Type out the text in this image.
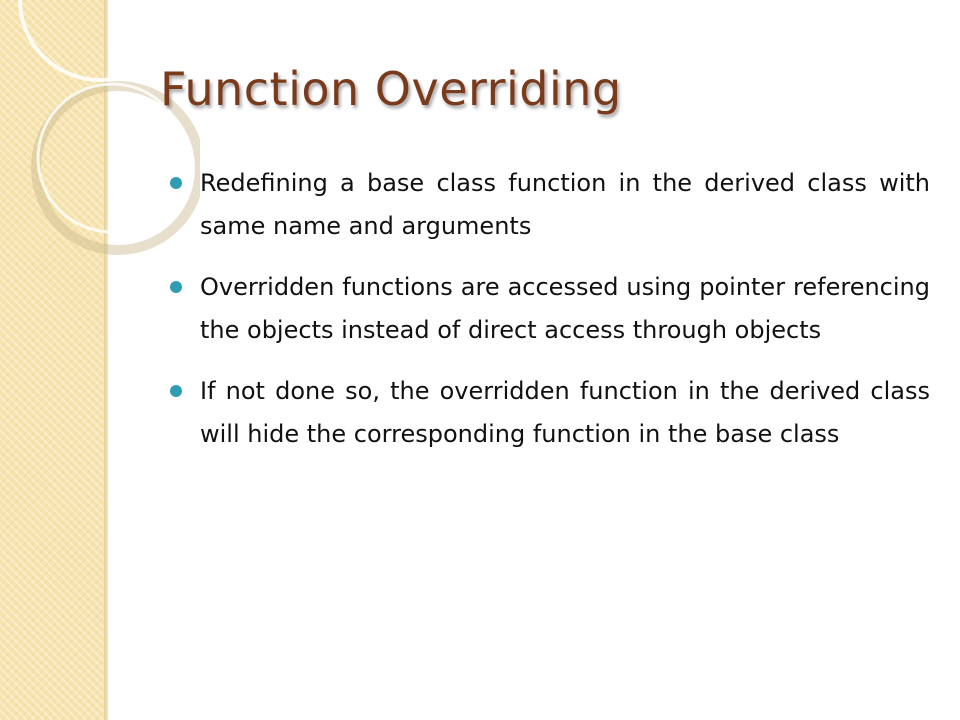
Function Overriding
Redefining a base class function in the derived class with same name and arguments
Overridden functions are accessed using pointer referencing the objects instead of direct access through objects
If not done so, the overridden function in the derived class will hide the corresponding function in the base class
